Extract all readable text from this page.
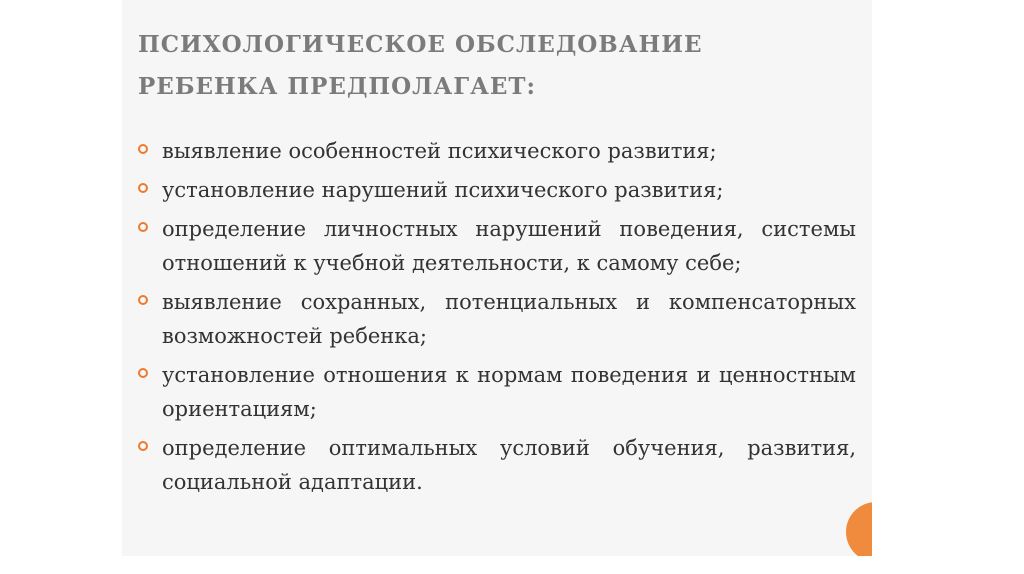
ПСИХОЛОГИЧЕСКОЕ ОБСЛЕДОВАНИЕ
РЕБЕНКА ПРЕДПОЛАГАЕТ:
выявление особенностей психического развития;
установление нарушений психического развития;
определение личностных нарушений поведения, системы отношений к учебной деятельности, к самому себе;
выявление сохранных, потенциальных и компенсаторных возможностей ребенка;
установление отношения к нормам поведения и ценностным ориентациям;
определение оптимальных условий обучения, развития, социальной адаптации.
